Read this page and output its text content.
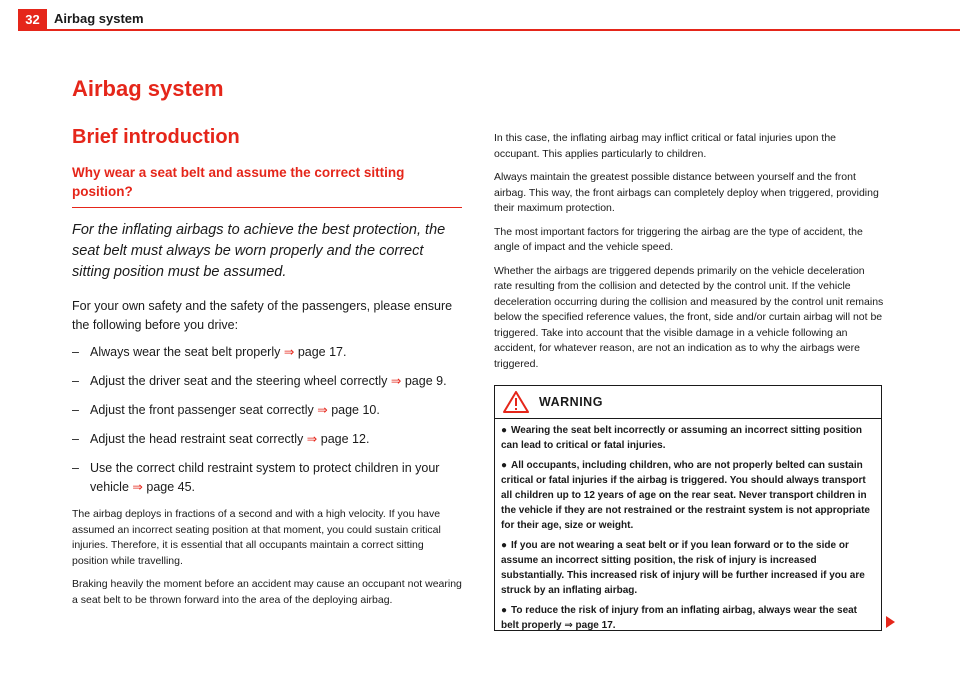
32	Airbag system
Airbag system
Brief introduction
Why wear a seat belt and assume the correct sitting position?

For the inflating airbags to achieve the best protection, the seat belt must always be worn properly and the correct sitting position must be assumed.

For your own safety and the safety of the passengers, please ensure the following before you drive:

– Always wear the seat belt properly ⇒ page 17.
– Adjust the driver seat and the steering wheel correctly ⇒ page 9.
– Adjust the front passenger seat correctly ⇒ page 10.
– Adjust the head restraint seat correctly ⇒ page 12.
– Use the correct child restraint system to protect children in your vehicle ⇒ page 45.

The airbag deploys in fractions of a second and with a high velocity. If you have assumed an incorrect seating position at that moment, you could sustain critical injuries. Therefore, it is essential that all occupants maintain a correct sitting position while travelling.

Braking heavily the moment before an accident may cause an occupant not wearing a seat belt to be thrown forward into the area of the deploying airbag.

In this case, the inflating airbag may inflict critical or fatal injuries upon the occupant. This applies particularly to children.

Always maintain the greatest possible distance between yourself and the front airbag. This way, the front airbags can completely deploy when triggered, providing their maximum protection.

The most important factors for triggering the airbag are the type of accident, the angle of impact and the vehicle speed.

Whether the airbags are triggered depends primarily on the vehicle deceleration rate resulting from the collision and detected by the control unit. If the vehicle deceleration occurring during the collision and measured by the control unit remains below the specified reference values, the front, side and/or curtain airbag will not be triggered. Take into account that the visible damage in a vehicle following an accident, for whatever reason, are not an indication as to why the airbags were triggered.

WARNING

● Wearing the seat belt incorrectly or assuming an incorrect sitting position can lead to critical or fatal injuries.

● All occupants, including children, who are not properly belted can sustain critical or fatal injuries if the airbag is triggered. You should always transport all children up to 12 years of age on the rear seat. Never transport children in the vehicle if they are not restrained or the restraint system is not appropriate for their age, size or weight.

● If you are not wearing a seat belt or if you lean forward or to the side or assume an incorrect sitting position, the risk of injury is increased substantially. This increased risk of injury will be further increased if you are struck by an inflating airbag.

● To reduce the risk of injury from an inflating airbag, always wear the seat belt properly ⇒ page 17.
